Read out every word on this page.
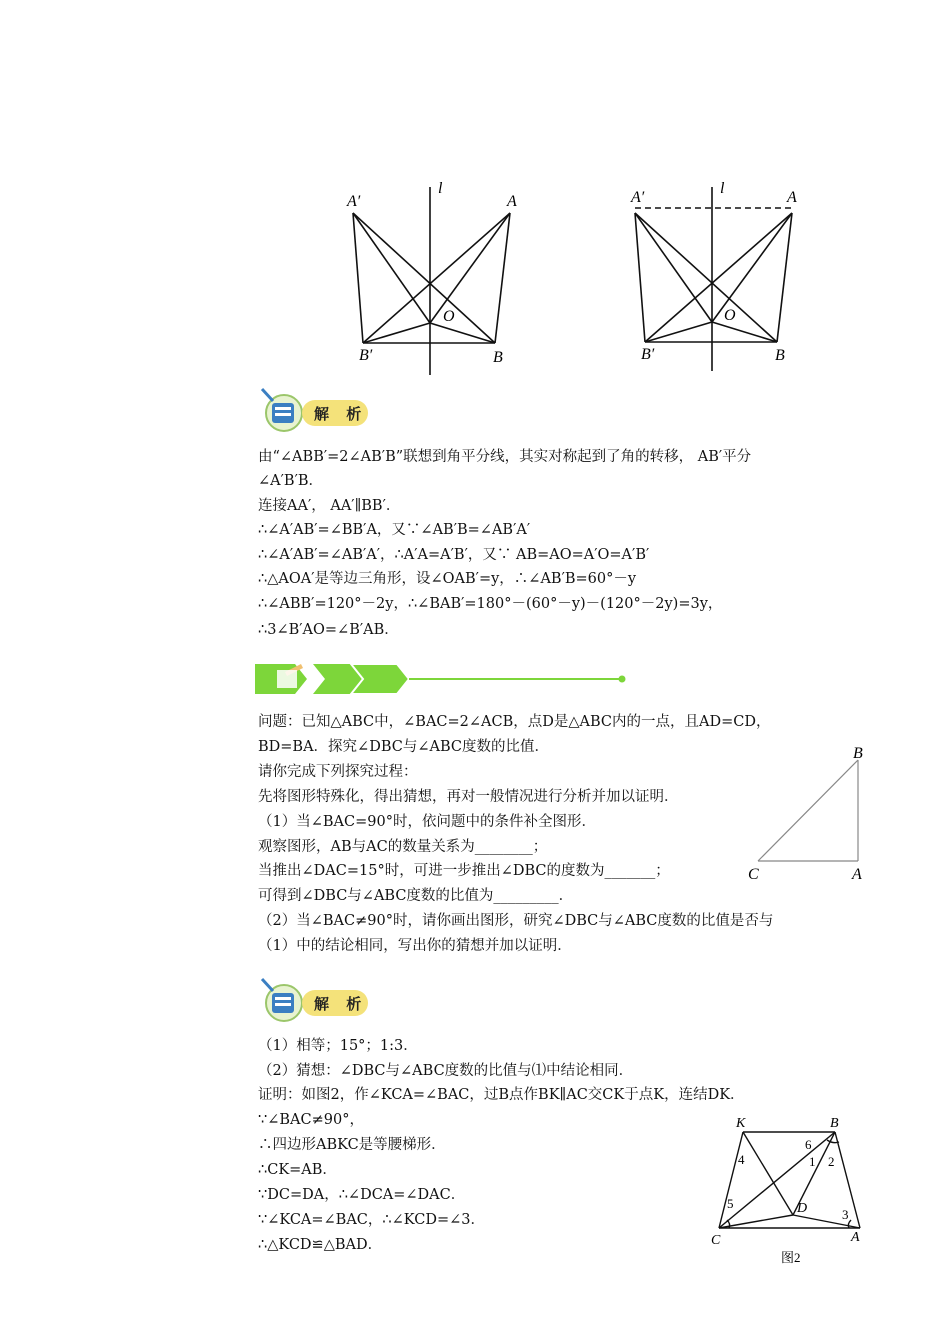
l
A′	A
O
B′	B
l
A′	A
O
B′	B
解 析
由“∠ABB′=2∠AB′B”联想到角平分线，其实对称起到了角的转移， AB′平分
∠A′B′B．
连接AA′， AA′∥BB′．
∴∠A′AB′=∠BB′A，又∵∠AB′B=∠AB′A′
∴∠A′AB′=∠AB′A′，∴A′A=A′B′，又∵ AB=AO=A′O=A′B′
∴△AOA′是等边三角形，设∠OAB′=y，∴∠AB′B=60°－y
∴∠ABB′=120°－2y，∴∠BAB′=180°－(60°－y)－(120°－2y)=3y，
∴3∠B′AO=∠B′AB．
问题：已知△ABC中，∠BAC=2∠ACB，点D是△ABC内的一点，且AD=CD，
BD=BA．探究∠DBC与∠ABC度数的比值．
请你完成下列探究过程：
先将图形特殊化，得出猜想，再对一般情况进行分析并加以证明．
（1）当∠BAC=90°时，依问题中的条件补全图形．
观察图形，AB与AC的数量关系为________；
当推出∠DAC=15°时，可进一步推出∠DBC的度数为_______；
可得到∠DBC与∠ABC度数的比值为_________．
（2）当∠BAC≠90°时，请你画出图形，研究∠DBC与∠ABC度数的比值是否与
（1）中的结论相同，写出你的猜想并加以证明．
B
C	A
解 析
（1）相等；15°；1:3．
（2）猜想：∠DBC与∠ABC度数的比值与⑴中结论相同．
证明：如图2，作∠KCA=∠BAC，过B点作BK∥AC交CK于点K，连结DK．
∵∠BAC≠90°，
∴四边形ABKC是等腰梯形．
∴CK=AB．
∵DC=DA，∴∠DCA=∠DAC．
∵∠KCA=∠BAC，∴∠KCD=∠3．
∴△KCD≌△BAD．
K	B
C	A
D
1 2
3
4
5
6
图2
